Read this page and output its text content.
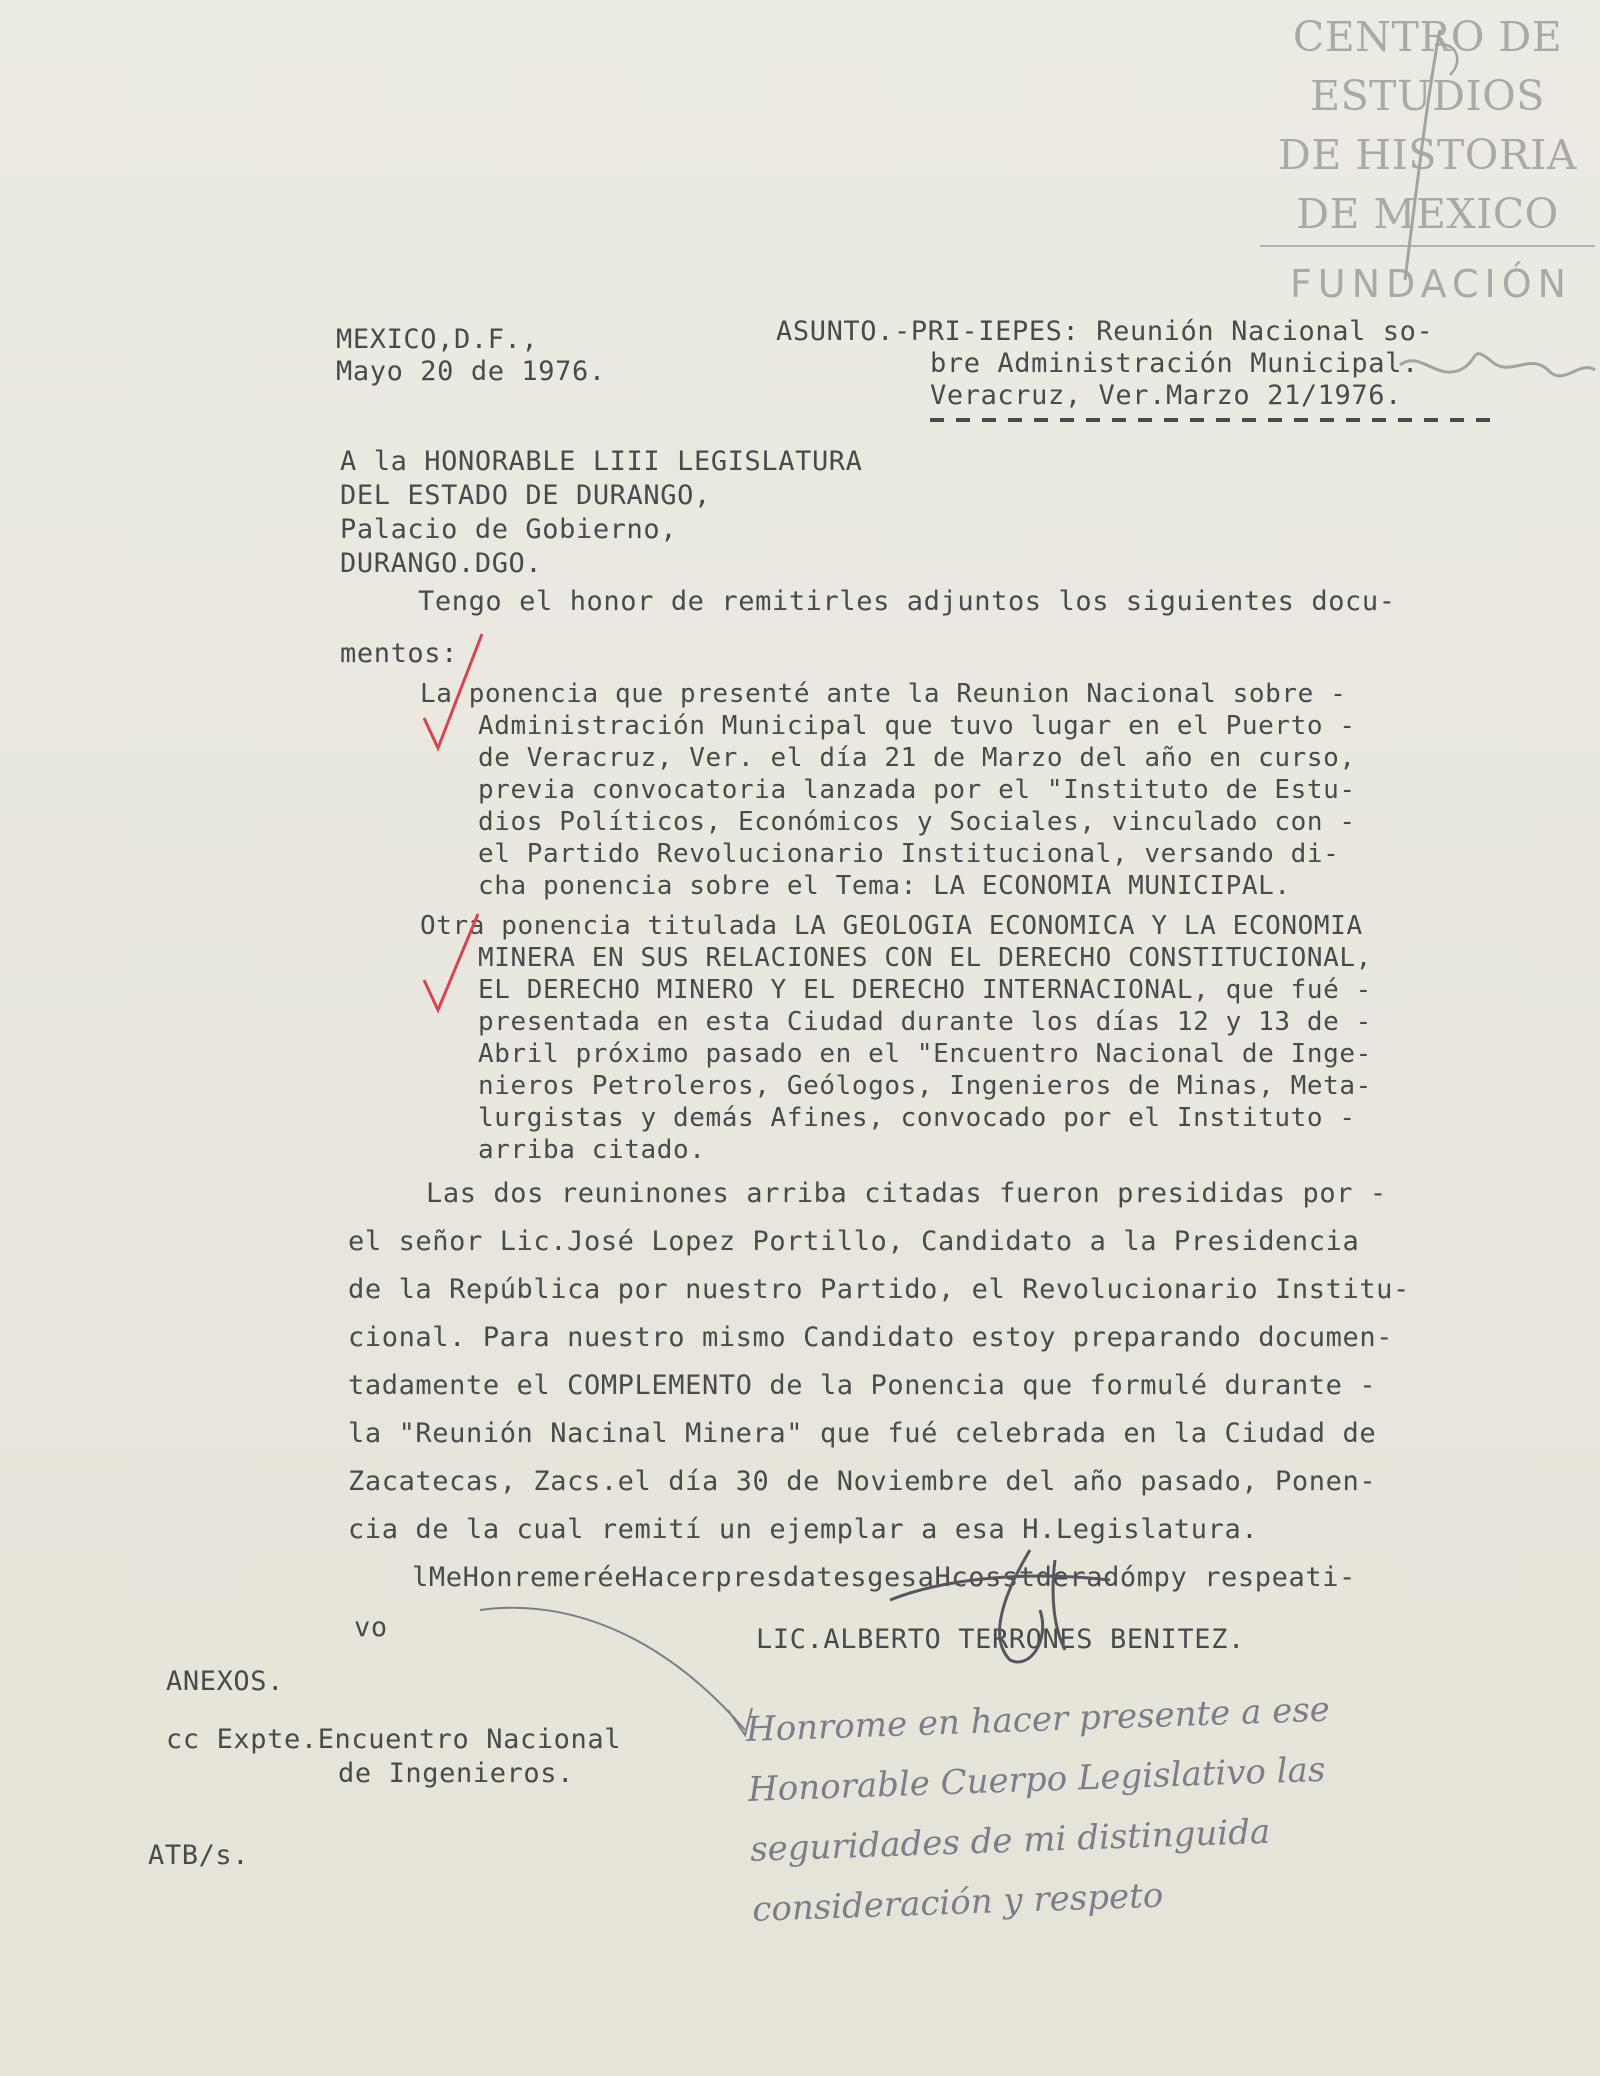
CENTRO DE
ESTUDIOS
DE HISTORIA
DE MEXICO
FUNDACIÓN
MEXICO,D.F.,
Mayo 20 de 1976.
ASUNTO.-PRI-IEPES: Reunión Nacional so-
bre Administración Municipal.
Veracruz, Ver.Marzo 21/1976.
A la HONORABLE LIII LEGISLATURA
DEL ESTADO DE DURANGO,
Palacio de Gobierno,
DURANGO.DGO.
Tengo el honor de remitirles adjuntos los siguientes docu-
mentos:
La ponencia que presenté ante la Reunion Nacional sobre -
Administración Municipal que tuvo lugar en el Puerto -
de Veracruz, Ver. el día 21 de Marzo del año en curso,
previa convocatoria lanzada por el "Instituto de Estu-
dios Políticos, Económicos y Sociales, vinculado con -
el Partido Revolucionario Institucional, versando di-
cha ponencia sobre el Tema: LA ECONOMIA MUNICIPAL.
Otra ponencia titulada LA GEOLOGIA ECONOMICA Y LA ECONOMIA
MINERA EN SUS RELACIONES CON EL DERECHO CONSTITUCIONAL,
EL DERECHO MINERO Y EL DERECHO INTERNACIONAL, que fué -
presentada en esta Ciudad durante los días 12 y 13 de -
Abril próximo pasado en el "Encuentro Nacional de Inge-
nieros Petroleros, Geólogos, Ingenieros de Minas, Meta-
lurgistas y demás Afines, convocado por el Instituto -
arriba citado.
Las dos reuninones arriba citadas fueron presididas por -
el señor Lic.José Lopez Portillo, Candidato a la Presidencia
de la República por nuestro Partido, el Revolucionario Institu-
cional. Para nuestro mismo Candidato estoy preparando documen-
tadamente el COMPLEMENTO de la Ponencia que formulé durante -
la "Reunión Nacinal Minera" que fué celebrada en la Ciudad de
Zacatecas, Zacs.el día 30 de Noviembre del año pasado, Ponen-
cia de la cual remití un ejemplar a esa H.Legislatura.
lMeHonremeréeHacerpresdatesgesaHcosstderadómpy respeati-
vo	LIC.ALBERTO TERRONES BENITEZ.
ANEXOS.
cc Expte.Encuentro Nacional
de Ingenieros.
ATB/s.
Honrome en hacer presente a ese
Honorable Cuerpo Legislativo las
seguridades de mi distinguida
consideración y respeto
